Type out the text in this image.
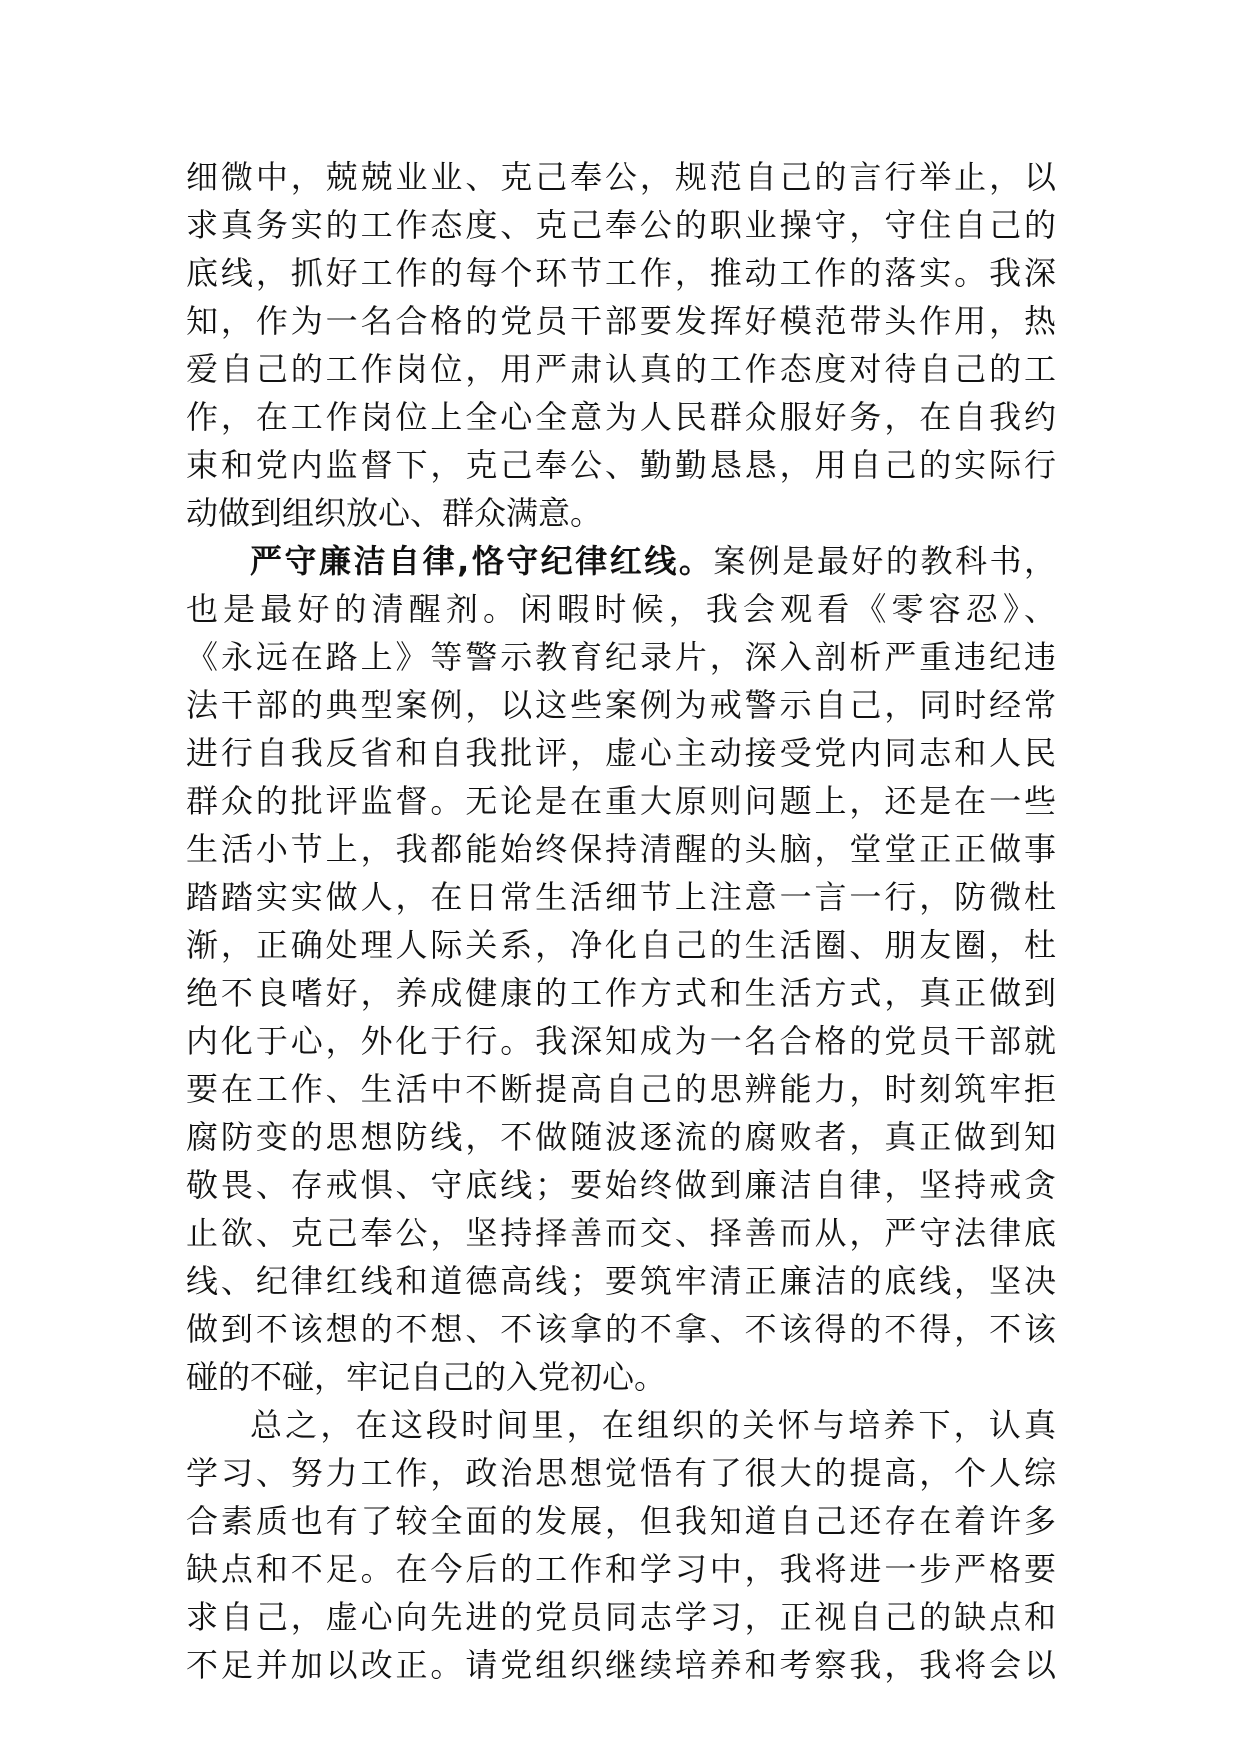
细微中，兢兢业业、克己奉公，规范自己的言行举止，以
求真务实的工作态度、克己奉公的职业操守，守住自己的
底线，抓好工作的每个环节工作，推动工作的落实。我深
知，作为一名合格的党员干部要发挥好模范带头作用，热
爱自己的工作岗位，用严肃认真的工作态度对待自己的工
作，在工作岗位上全心全意为人民群众服好务，在自我约
束和党内监督下，克己奉公、勤勤恳恳，用自己的实际行
动做到组织放心、群众满意。
严守廉洁自律,恪守纪律红线。案例是最好的教科书，
也是最好的清醒剂。闲暇时候，我会观看《零容忍》、
《永远在路上》等警示教育纪录片，深入剖析严重违纪违
法干部的典型案例，以这些案例为戒警示自己，同时经常
进行自我反省和自我批评，虚心主动接受党内同志和人民
群众的批评监督。无论是在重大原则问题上，还是在一些
生活小节上，我都能始终保持清醒的头脑，堂堂正正做事
踏踏实实做人，在日常生活细节上注意一言一行，防微杜
渐，正确处理人际关系，净化自己的生活圈、朋友圈，杜
绝不良嗜好，养成健康的工作方式和生活方式，真正做到
内化于心，外化于行。我深知成为一名合格的党员干部就
要在工作、生活中不断提高自己的思辨能力，时刻筑牢拒
腐防变的思想防线，不做随波逐流的腐败者，真正做到知
敬畏、存戒惧、守底线；要始终做到廉洁自律，坚持戒贪
止欲、克己奉公，坚持择善而交、择善而从，严守法律底
线、纪律红线和道德高线；要筑牢清正廉洁的底线，坚决
做到不该想的不想、不该拿的不拿、不该得的不得，不该
碰的不碰，牢记自己的入党初心。
总之，在这段时间里，在组织的关怀与培养下，认真
学习、努力工作，政治思想觉悟有了很大的提高，个人综
合素质也有了较全面的发展，但我知道自己还存在着许多
缺点和不足。在今后的工作和学习中，我将进一步严格要
求自己，虚心向先进的党员同志学习，正视自己的缺点和
不足并加以改正。请党组织继续培养和考察我，我将会以
